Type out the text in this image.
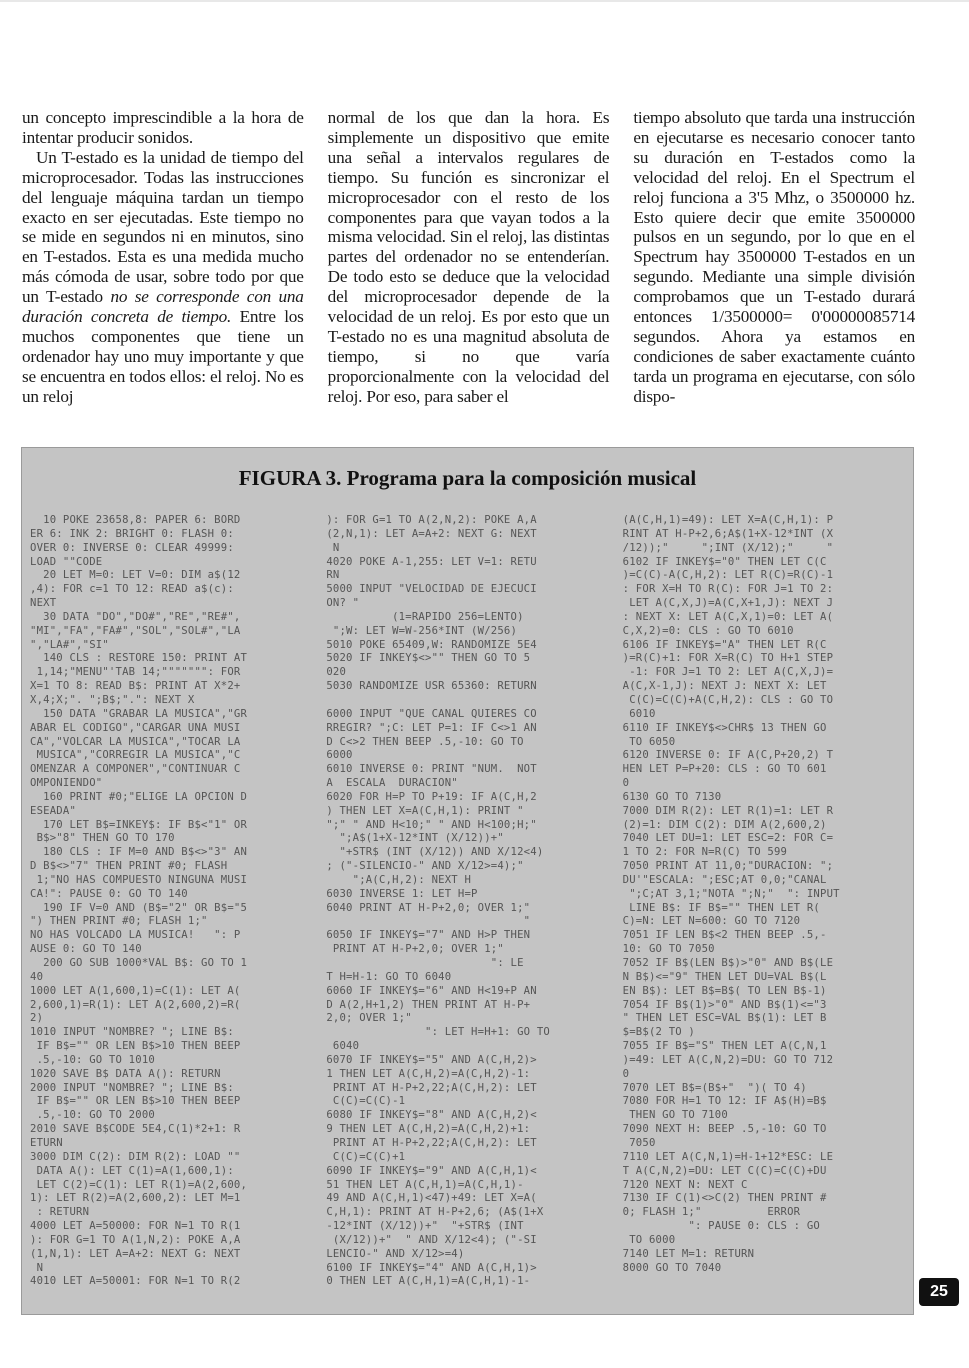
un concepto imprescindible a la hora de intentar producir sonidos.

Un T-estado es la unidad de tiempo del microprocesador. Todas las instrucciones del lenguaje máquina tardan un tiempo exacto en ser ejecutadas. Este tiempo no se mide en segundos ni en minutos, sino en T-estados. Esta es una medida mucho más cómoda de usar, sobre todo por que un T-estado no se corresponde con una duración concreta de tiempo. Entre los muchos componentes que tiene un ordenador hay uno muy importante y que se encuentra en todos ellos: el reloj. No es un reloj

normal de los que dan la hora. Es simplemente un dispositivo que emite una señal a intervalos regulares de tiempo. Su función es sincronizar el microprocesador con el resto de los componentes para que vayan todos a la misma velocidad. Sin el reloj, las distintas partes del ordenador no se entenderían. De todo esto se deduce que la velocidad del microprocesador depende de la velocidad de un reloj. Es por esto que un T-estado no es una magnitud absoluta de tiempo, si no que varía proporcionalmente con la velocidad del reloj. Por eso, para saber el

tiempo absoluto que tarda una instrucción en ejecutarse es necesario conocer tanto su duración en T-estados como la velocidad del reloj. En el Spectrum el reloj funciona a 3'5 Mhz, o 3500000 hz. Esto quiere decir que emite 3500000 pulsos en un segundo, por lo que en el Spectrum hay 3500000 T-estados en un segundo. Mediante una simple división comprobamos que un T-estado durará entonces 1/3500000= 0'00000085714 segundos. Ahora ya estamos en condiciones de saber exactamente cuánto tarda un programa en ejecutarse, con sólo dispo-

FIGURA 3. Programa para la composición musical
10 POKE 23658,8: PAPER 6: BORD
ER 6: INK 2: BRIGHT 0: FLASH 0:
OVER 0: INVERSE 0: CLEAR 49999:
LOAD ""CODE
20 LET M=0: LET V=0: DIM a$(12
,4): FOR c=1 TO 12: READ a$(c):
NEXT
30 DATA "DO","DO#","RE","RE#",
"MI","FA","FA#","SOL","SOL#","LA
","LA#","SI"
140 CLS : RESTORE 150: PRINT AT
1,14;"MENU"'TAB 14;""""""": FOR
X=1 TO 8: READ B$: PRINT AT X*2+
X,4;X;". ";B$;".": NEXT X
150 DATA "GRABAR LA MUSICA","GR
ABAR EL CODIGO","CARGAR UNA MUSI
CA","VOLCAR LA MUSICA","TOCAR LA
MUSICA","CORREGIR LA MUSICA","C
OMENZAR A COMPONER","CONTINUAR C
OMPONIENDO"
160 PRINT #0;"ELIGE LA OPCION D
ESEADA"
170 LET B$=INKEY$: IF B$<"1" OR
B$>"8" THEN GO TO 170
180 CLS : IF M=0 AND B$<>"3" AN
D B$<>"7" THEN PRINT #0; FLASH
1;"NO HAS COMPUESTO NINGUNA MUSI
CA!": PAUSE 0: GO TO 140
190 IF V=0 AND (B$="2" OR B$="5
") THEN PRINT #0; FLASH 1;"
NO HAS VOLCADO LA MUSICA!   ": P
AUSE 0: GO TO 140
200 GO SUB 1000*VAL B$: GO TO 1
40
1000 LET A(1,600,1)=C(1): LET A(
2,600,1)=R(1): LET A(2,600,2)=R(
2)
1010 INPUT "NOMBRE? "; LINE B$:
IF B$="" OR LEN B$>10 THEN BEEP
.5,-10: GO TO 1010
1020 SAVE B$ DATA A(): RETURN
2000 INPUT "NOMBRE? "; LINE B$:
IF B$="" OR LEN B$>10 THEN BEEP
.5,-10: GO TO 2000
2010 SAVE B$CODE 5E4,C(1)*2+1: R
ETURN
3000 DIM C(2): DIM R(2): LOAD ""
DATA A(): LET C(1)=A(1,600,1):
LET C(2)=C(1): LET R(1)=A(2,600,
1): LET R(2)=A(2,600,2): LET M=1
: RETURN
4000 LET A=50000: FOR N=1 TO R(1
): FOR G=1 TO A(1,N,2): POKE A,A
(1,N,1): LET A=A+2: NEXT G: NEXT
N
4010 LET A=50001: FOR N=1 TO R(2
): FOR G=1 TO A(2,N,2): POKE A,A
(2,N,1): LET A=A+2: NEXT G: NEXT
N
4020 POKE A-1,255: LET V=1: RETU
RN
5000 INPUT "VELOCIDAD DE EJECUCI
ON? "
(1=RAPIDO 256=LENTO)
";W: LET W=W-256*INT (W/256)
5010 POKE 65409,W: RANDOMIZE 5E4
5020 IF INKEY$<>"" THEN GO TO 5
020
5030 RANDOMIZE USR 65360: RETURN
6000 INPUT "QUE CANAL QUIERES CO
RREGIR? ";C: LET P=1: IF C<>1 AN
D C<>2 THEN BEEP .5,-10: GO TO
6000
6010 INVERSE 0: PRINT "NUM.  NOT
A  ESCALA  DURACION"
6020 FOR H=P TO P+19: IF A(C,H,2
) THEN LET X=A(C,H,1): PRINT "
";" " AND H<10;" " AND H<100;H;"
";A$(1+X-12*INT (X/12))+"
"+STR$ (INT (X/12)) AND X/12<4)
; ("-SILENCIO-" AND X/12>=4);"
";A(C,H,2): NEXT H
6030 INVERSE 1: LET H=P
6040 PRINT AT H-P+2,0; OVER 1;"
"
6050 IF INKEY$="7" AND H>P THEN
PRINT AT H-P+2,0; OVER 1;"
": LE
T H=H-1: GO TO 6040
6060 IF INKEY$="6" AND H<19+P AN
D A(2,H+1,2) THEN PRINT AT H-P+
2,0; OVER 1;"
": LET H=H+1: GO TO
6040
6070 IF INKEY$="5" AND A(C,H,2)>
1 THEN LET A(C,H,2)=A(C,H,2)-1:
PRINT AT H-P+2,22;A(C,H,2): LET
C(C)=C(C)-1
6080 IF INKEY$="8" AND A(C,H,2)<
9 THEN LET A(C,H,2)=A(C,H,2)+1:
PRINT AT H-P+2,22;A(C,H,2): LET
C(C)=C(C)+1
6090 IF INKEY$="9" AND A(C,H,1)<
51 THEN LET A(C,H,1)=A(C,H,1)-
49 AND A(C,H,1)<47)+49: LET X=A(
C,H,1): PRINT AT H-P+2,6; (A$(1+X
-12*INT (X/12))+"  "+STR$ (INT
(X/12))+"  " AND X/12<4); ("-SI
LENCIO-" AND X/12>=4)
6100 IF INKEY$="4" AND A(C,H,1)>
0 THEN LET A(C,H,1)=A(C,H,1)-1-
(A(C,H,1)=49): LET X=A(C,H,1): P
RINT AT H-P+2,6;A$(1+X-12*INT (X
/12));"     ";INT (X/12);"     "
6102 IF INKEY$="0" THEN LET C(C
)=C(C)-A(C,H,2): LET R(C)=R(C)-1
: FOR X=H TO R(C): FOR J=1 TO 2:
LET A(C,X,J)=A(C,X+1,J): NEXT J
: NEXT X: LET A(C,X,1)=0: LET A(
C,X,2)=0: CLS : GO TO 6010
6106 IF INKEY$="A" THEN LET R(C
)=R(C)+1: FOR X=R(C) TO H+1 STEP
-1: FOR J=1 TO 2: LET A(C,X,J)=
A(C,X-1,J): NEXT J: NEXT X: LET
C(C)=C(C)+A(C,H,2): CLS : GO TO
6010
6110 IF INKEY$<>CHR$ 13 THEN GO
TO 6050
6120 INVERSE 0: IF A(C,P+20,2) T
HEN LET P=P+20: CLS : GO TO 601
0
6130 GO TO 7130
7000 DIM R(2): LET R(1)=1: LET R
(2)=1: DIM C(2): DIM A(2,600,2)
7040 LET DU=1: LET ESC=2: FOR C=
1 TO 2: FOR N=R(C) TO 599
7050 PRINT AT 11,0;"DURACION: ";
DU'"ESCALA: ";ESC;AT 0,0;"CANAL
";C;AT 3,1;"NOTA ";N;"  ": INPUT
LINE B$: IF B$="" THEN LET R(
C)=N: LET N=600: GO TO 7120
7051 IF LEN B$<2 THEN BEEP .5,-
10: GO TO 7050
7052 IF B$(LEN B$)>"0" AND B$(LE
N B$)<="9" THEN LET DU=VAL B$(L
EN B$): LET B$=B$( TO LEN B$-1)
7054 IF B$(1)>"0" AND B$(1)<="3
" THEN LET ESC=VAL B$(1): LET B
$=B$(2 TO )
7055 IF B$="S" THEN LET A(C,N,1
)=49: LET A(C,N,2)=DU: GO TO 712
0
7070 LET B$=(B$+"  ")( TO 4)
7080 FOR H=1 TO 12: IF A$(H)=B$
THEN GO TO 7100
7090 NEXT H: BEEP .5,-10: GO TO
7050
7110 LET A(C,N,1)=H-1+12*ESC: LE
T A(C,N,2)=DU: LET C(C)=C(C)+DU
7120 NEXT N: NEXT C
7130 IF C(1)<>C(2) THEN PRINT #
0; FLASH 1;"          ERROR
": PAUSE 0: CLS : GO
TO 6000
7140 LET M=1: RETURN
8000 GO TO 7040
25
